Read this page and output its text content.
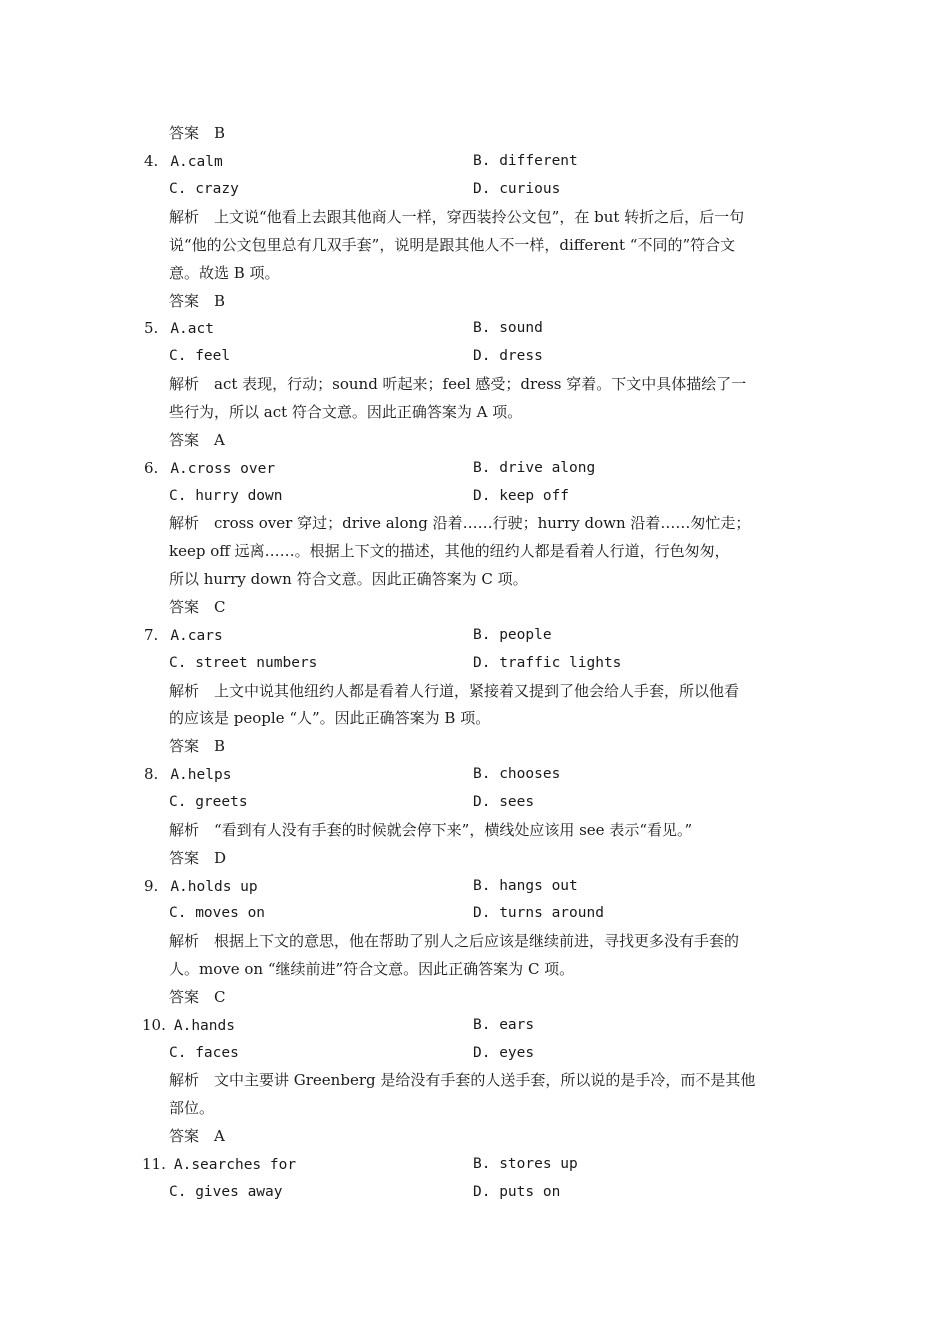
答案　B
4. A.calm	B. different
C. crazy	D. curious
解析　上文说“他看上去跟其他商人一样，穿西装拎公文包”，在 but 转折之后，后一句
说“他的公文包里总有几双手套”，说明是跟其他人不一样，different “不同的”符合文
意。故选 B 项。
答案　B
5. A.act	B. sound
C. feel	D. dress
解析　act 表现，行动；sound 听起来；feel 感受；dress 穿着。下文中具体描绘了一
些行为，所以 act 符合文意。因此正确答案为 A 项。
答案　A
6. A.cross over	B. drive along
C. hurry down	D. keep off
解析　cross over 穿过；drive along 沿着……行驶；hurry down 沿着……匆忙走；
keep off 远离……。根据上下文的描述，其他的纽约人都是看着人行道，行色匆匆，
所以 hurry down 符合文意。因此正确答案为 C 项。
答案　C
7. A.cars	B. people
C. street numbers	D. traffic lights
解析　上文中说其他纽约人都是看着人行道，紧接着又提到了他会给人手套，所以他看
的应该是 people “人”。因此正确答案为 B 项。
答案　B
8. A.helps	B. chooses
C. greets	D. sees
解析　“看到有人没有手套的时候就会停下来”，横线处应该用 see 表示“看见。”
答案　D
9. A.holds up	B. hangs out
C. moves on	D. turns around
解析　根据上下文的意思，他在帮助了别人之后应该是继续前进，寻找更多没有手套的
人。move on “继续前进”符合文意。因此正确答案为 C 项。
答案　C
10. A.hands	B. ears
C. faces	D. eyes
解析　文中主要讲 Greenberg 是给没有手套的人送手套，所以说的是手冷，而不是其他
部位。
答案　A
11. A.searches for	B. stores up
C. gives away	D. puts on
